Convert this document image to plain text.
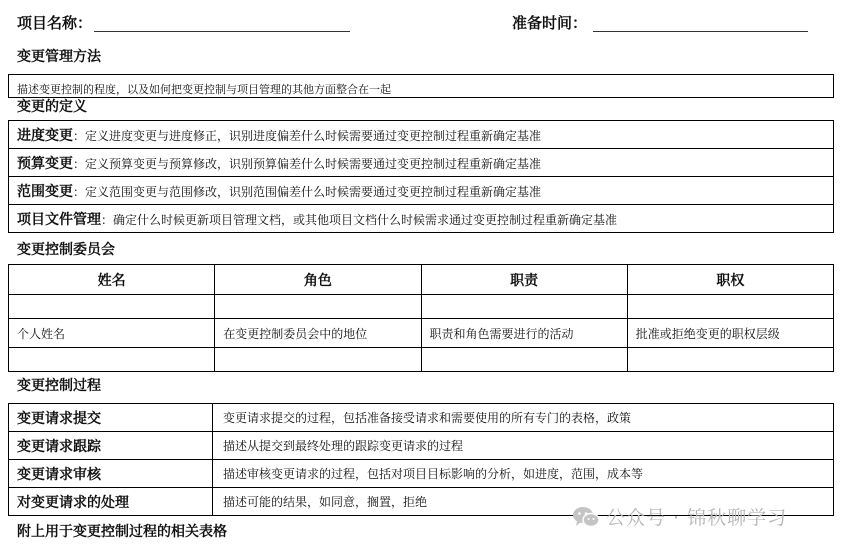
项目名称：	准备时间：
变更管理方法
描述变更控制的程度，以及如何把变更控制与项目管理的其他方面整合在一起
变更的定义
进度变更：定义进度变更与进度修正，识别进度偏差什么时候需要通过变更控制过程重新确定基准
预算变更：定义预算变更与预算修改，识别预算偏差什么时候需要通过变更控制过程重新确定基准
范围变更：定义范围变更与范围修改，识别范围偏差什么时候需要通过变更控制过程重新确定基准
项目文件管理：确定什么时候更新项目管理文档，或其他项目文档什么时候需求通过变更控制过程重新确定基准
变更控制委员会
姓名	角色	职责	职权

个人姓名	在变更控制委员会中的地位	职责和角色需要进行的活动	批准或拒绝变更的职权层级

变更控制过程
变更请求提交	变更请求提交的过程，包括准备接受请求和需要使用的所有专门的表格，政策
变更请求跟踪	描述从提交到最终处理的跟踪变更请求的过程
变更请求审核	描述审核变更请求的过程，包括对项目目标影响的分析，如进度，范围，成本等
对变更请求的处理	描述可能的结果，如同意，搁置，拒绝
附上用于变更控制过程的相关表格
公众号 · 锦秋聊学习
